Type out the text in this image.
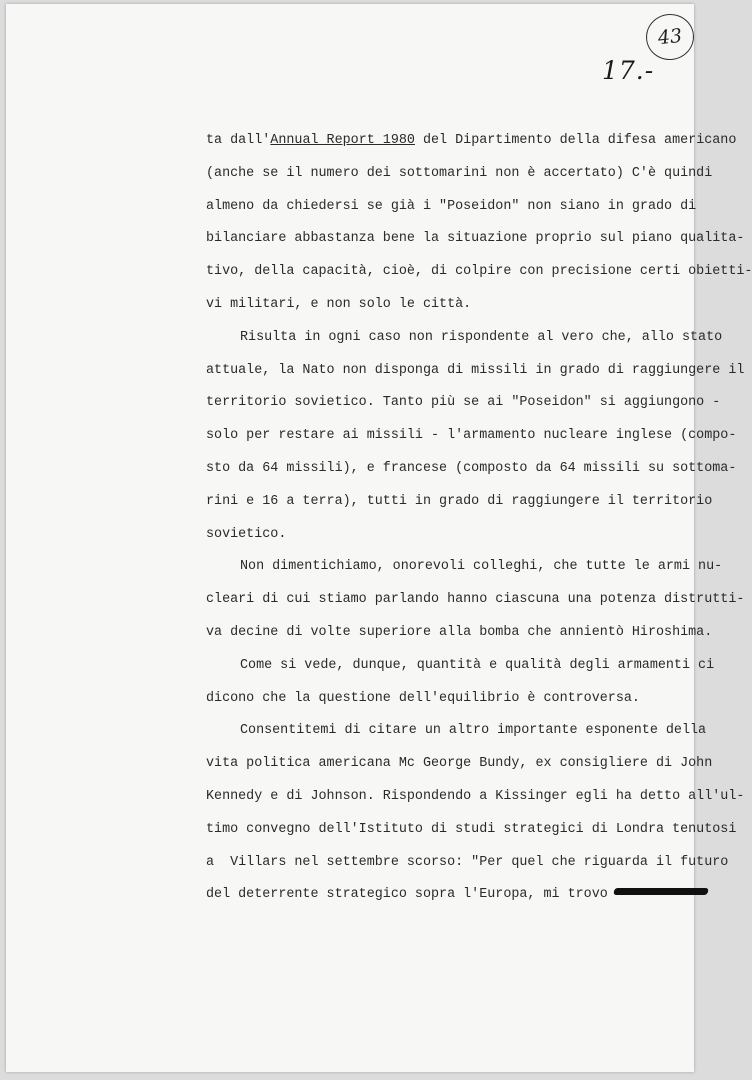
43
17.-
ta dall'Annual Report 1980 del Dipartimento della difesa americano
(anche se il numero dei sottomarini non è accertato) C'è quindi
almeno da chiedersi se già i "Poseidon" non siano in grado di
bilanciare abbastanza bene la situazione proprio sul piano qualita-
tivo, della capacità, cioè, di colpire con precisione certi obietti-
vi militari, e non solo le città.
Risulta in ogni caso non rispondente al vero che, allo stato
attuale, la Nato non disponga di missili in grado di raggiungere il
territorio sovietico. Tanto più se ai "Poseidon" si aggiungono -
solo per restare ai missili - l'armamento nucleare inglese (compo-
sto da 64 missili), e francese (composto da 64 missili su sottoma-
rini e 16 a terra), tutti in grado di raggiungere il territorio
sovietico.
Non dimentichiamo, onorevoli colleghi, che tutte le armi nu-
cleari di cui stiamo parlando hanno ciascuna una potenza distrutti-
va decine di volte superiore alla bomba che annientò Hiroshima.
Come si vede, dunque, quantità e qualità degli armamenti ci
dicono che la questione dell'equilibrio è controversa.
Consentitemi di citare un altro importante esponente della
vita politica americana Mc George Bundy, ex consigliere di John
Kennedy e di Johnson. Rispondendo a Kissinger egli ha detto all'ul-
timo convegno dell'Istituto di studi strategici di Londra tenutosi
a  Villars nel settembre scorso: "Per quel che riguarda il futuro
del deterrente strategico sopra l'Europa, mi trovo
